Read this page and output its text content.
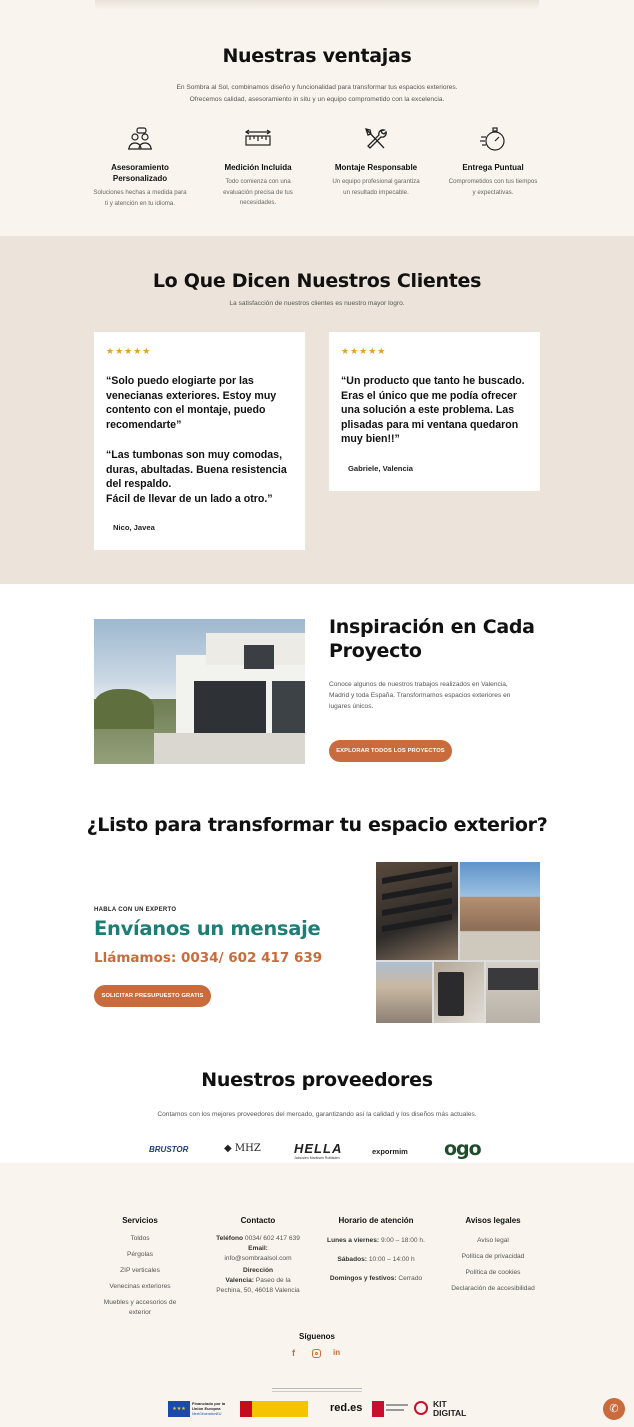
Nuestras ventajas
En Sombra al Sol, combinamos diseño y funcionalidad para transformar tus espacios exteriores.
Ofrecemos calidad, asesoramiento in situ y un equipo comprometido con la excelencia.
Asesoramiento
Personalizado
Soluciones hechas a medida para
ti y atención en tu idioma.
Medición Incluida
Todo comienza con una
evaluación precisa de tus
necesidades.
Montaje Responsable
Un equipo profesional garantiza
un resultado impecable.
Entrega Puntual
Comprometidos con tus tiempos
y expectativas.
Lo Que Dicen Nuestros Clientes
La satisfacción de nuestros clientes es nuestro mayor logro.
★★★★★
“Solo puedo elogiarte por las
venecianas exteriores. Estoy muy
contento con el montaje, puedo
recomendarte”
“Las tumbonas son muy comodas,
duras, abultadas. Buena resistencia
del respaldo.
Fácil de llevar de un lado a otro.”
Nico, Javea
★★★★★
“Un producto que tanto he buscado.
Eras el único que me podía ofrecer
una solución a este problema. Las
plisadas para mi ventana quedaron
muy bien!!”
Gabriele, Valencia
Inspiración en Cada
Proyecto
Conoce algunos de nuestros trabajos realizados en Valencia,
Madrid y toda España. Transformamos espacios exteriores en
lugares únicos.
EXPLORAR TODOS LOS PROYECTOS
¿Listo para transformar tu espacio exterior?
HABLA CON UN EXPERTO
Envíanos un mensaje
Llámamos: 0034/ 602 417 639
SOLICITAR PRESUPUESTO GRATIS
Nuestros proveedores
Contamos con los mejores proveedores del mercado, garantizando así la calidad y los diseños más actuales.
BRUSTOR	◆ MHZ	HELLA
Jalousien Markisen Rollläden
expormim ogo
Servicios
Toldos
Pérgolas
ZIP verticales
Venecinas exteriores
Muebles y accesorios de
exterior
Contacto
Teléfono 0034/ 602 417 639
Email:
info@sombraalsol.com
Dirección
Valencia: Paseo de la
Pechina, 50, 46018 Valencia
Horario de atención
Lunes a viernes: 9:00 – 18:00 h.
Sábados: 10:00 – 14:00 h
Domingos y festivos: Cerrado
Avisos legales
Aviso legal
Política de privacidad
Política de cookies
Declaración de accesibilidad
Síguenos
f	in
★★★
Financiado por la Unión Europea
NextGenerationEU	red.es	KIT
DIGITAL	✆
